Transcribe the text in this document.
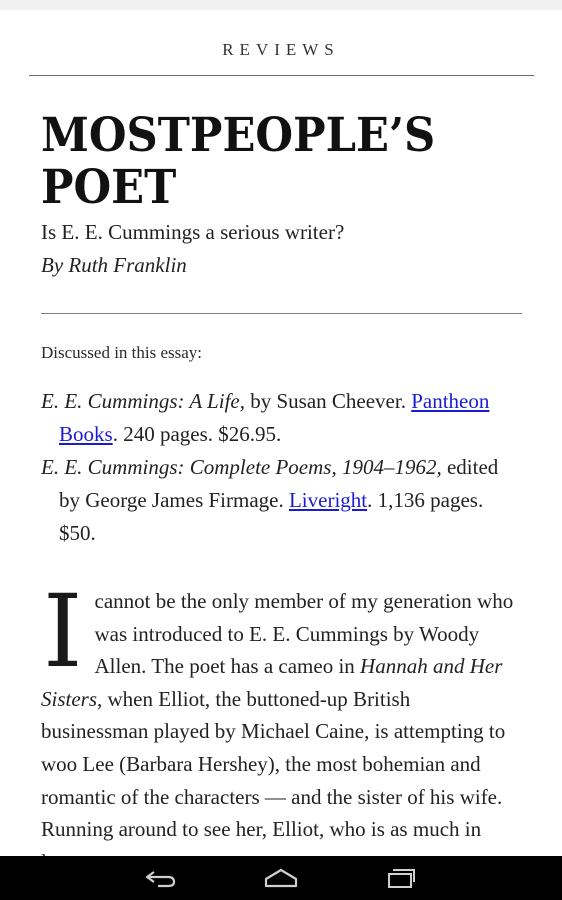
REVIEWS
MOSTPEOPLE’S
POET
Is E. E. Cummings a serious writer?
By Ruth Franklin
Discussed in this essay:
E. E. Cummings: A Life, by Susan Cheever. Pantheon Books. 240 pages. $26.95.
E. E. Cummings: Complete Poems, 1904–1962, edited by George James Firmage. Liveright. 1,136 pages. $50.
I cannot be the only member of my generation who was introduced to E. E. Cummings by Woody Allen. The poet has a cameo in Hannah and Her Sisters, when Elliot, the buttoned-up British businessman played by Michael Caine, is attempting to woo Lee (Barbara Hershey), the most bohemian and romantic of the characters — and the sister of his wife. Running around to see her, Elliot, who is as much in
